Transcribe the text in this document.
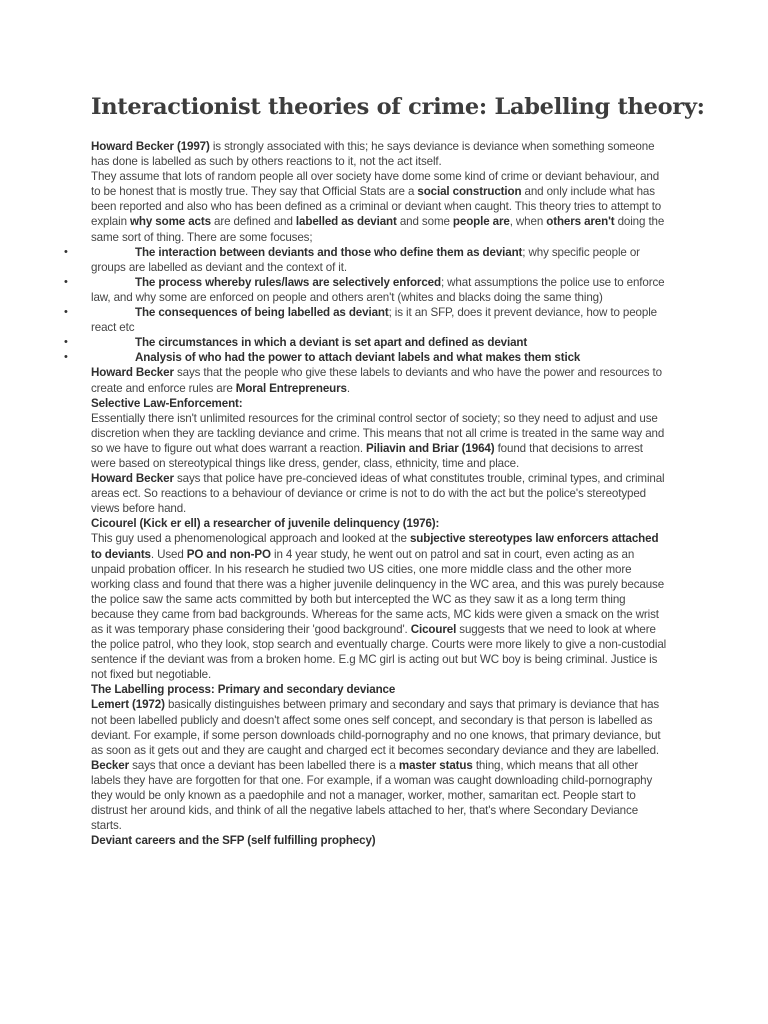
Interactionist theories of crime: Labelling theory:

Howard Becker (1997) is strongly associated with this; he says deviance is deviance when something someone has done is labelled as such by others reactions to it, not the act itself.

They assume that lots of random people all over society have dome some kind of crime or deviant behaviour, and to be honest that is mostly true. They say that Official Stats are a social construction and only include what has been reported and also who has been defined as a criminal or deviant when caught. This theory tries to attempt to explain why some acts are defined and labelled as deviant and some people are, when others aren't doing the same sort of thing. There are some focuses;

•	The interaction between deviants and those who define them as deviant; why specific people or groups are labelled as deviant and the context of it.
•	The process whereby rules/laws are selectively enforced; what assumptions the police use to enforce law, and why some are enforced on people and others aren't (whites and blacks doing the same thing)
•	The consequences of being labelled as deviant; is it an SFP, does it prevent deviance, how to people react etc
•	The circumstances in which a deviant is set apart and defined as deviant
•	Analysis of who had the power to attach deviant labels and what makes them stick

Howard Becker says that the people who give these labels to deviants and who have the power and resources to create and enforce rules are Moral Entrepreneurs.

Selective Law-Enforcement:

Essentially there isn't unlimited resources for the criminal control sector of society; so they need to adjust and use discretion when they are tackling deviance and crime. This means that not all crime is treated in the same way and so we have to figure out what does warrant a reaction. Piliavin and Briar (1964) found that decisions to arrest were based on stereotypical things like dress, gender, class, ethnicity, time and place.

Howard Becker says that police have pre-concieved ideas of what constitutes trouble, criminal types, and criminal areas ect. So reactions to a behaviour of deviance or crime is not to do with the act but the police's stereotyped views before hand.

Cicourel (Kick er ell) a researcher of juvenile delinquency (1976):

This guy used a phenomenological approach and looked at the subjective stereotypes law enforcers attached to deviants. Used PO and non-PO in 4 year study, he went out on patrol and sat in court, even acting as an unpaid probation officer. In his research he studied two US cities, one more middle class and the other more working class and found that there was a higher juvenile delinquency in the WC area, and this was purely because the police saw the same acts committed by both but intercepted the WC as they saw it as a long term thing because they came from bad backgrounds. Whereas for the same acts, MC kids were given a smack on the wrist as it was temporary phase considering their 'good background'. Cicourel suggests that we need to look at where the police patrol, who they look, stop search and eventually charge. Courts were more likely to give a non-custodial sentence if the deviant was from a broken home. E.g MC girl is acting out but WC boy is being criminal. Justice is not fixed but negotiable.

The Labelling process: Primary and secondary deviance

Lemert (1972) basically distinguishes between primary and secondary and says that primary is deviance that has not been labelled publicly and doesn't affect some ones self concept, and secondary is that person is labelled as deviant. For example, if some person downloads child-pornography and no one knows, that primary deviance, but as soon as it gets out and they are caught and charged ect it becomes secondary deviance and they are labelled.

Becker says that once a deviant has been labelled there is a master status thing, which means that all other labels they have are forgotten for that one. For example, if a woman was caught downloading child-pornography they would be only known as a paedophile and not a manager, worker, mother, samaritan ect. People start to distrust her around kids, and think of all the negative labels attached to her, that's where Secondary Deviance starts.

Deviant careers and the SFP (self fulfilling prophecy)
